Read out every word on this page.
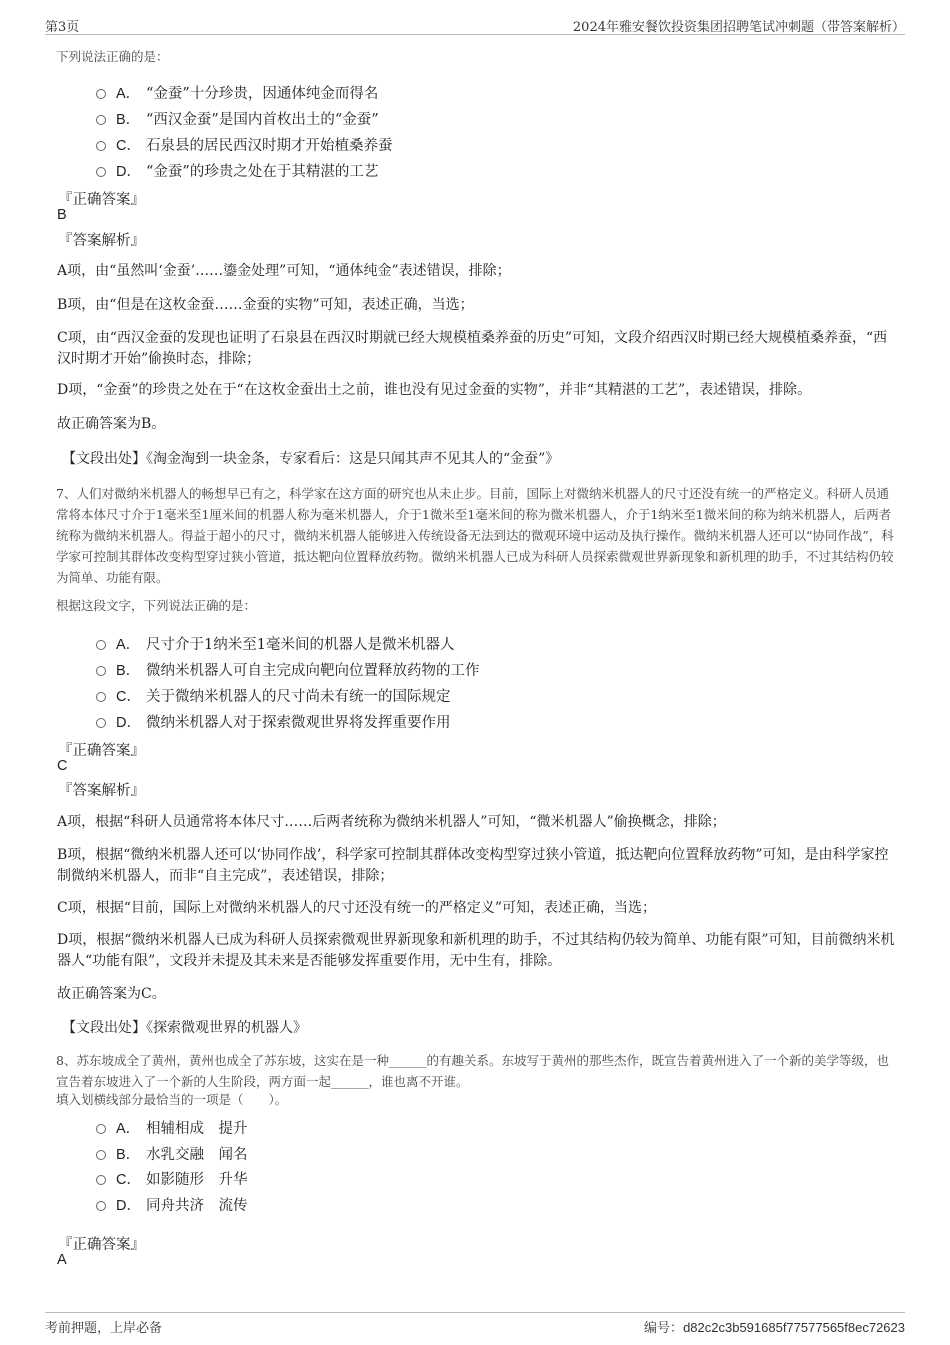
第3页	2024年雅安餐饮投资集团招聘笔试冲刺题（带答案解析）
下列说法正确的是：
A． “金蚕”十分珍贵，因通体纯金而得名
B． “西汉金蚕”是国内首枚出土的“金蚕”
C． 石泉县的居民西汉时期才开始植桑养蚕
D． “金蚕”的珍贵之处在于其精湛的工艺
『正确答案』
B
『答案解析』
A项，由“虽然叫‘金蚕’……鎏金处理”可知，“通体纯金”表述错误，排除；
B项，由“但是在这枚金蚕……金蚕的实物”可知，表述正确，当选；
C项，由“西汉金蚕的发现也证明了石泉县在西汉时期就已经大规模植桑养蚕的历史”可知，文段介绍西汉时期已经大规模植桑养蚕，“西汉时期才开始”偷换时态，排除；
D项，“金蚕”的珍贵之处在于“在这枚金蚕出土之前，谁也没有见过金蚕的实物”，并非“其精湛的工艺”，表述错误，排除。
故正确答案为B。
【文段出处】《淘金淘到一块金条，专家看后：这是只闻其声不见其人的“金蚕”》
7、人们对微纳米机器人的畅想早已有之，科学家在这方面的研究也从未止步。目前，国际上对微纳米机器人的尺寸还没有统一的严格定义。科研人员通常将本体尺寸介于1毫米至1厘米间的机器人称为毫米机器人，介于1微米至1毫米间的称为微米机器人，介于1纳米至1微米间的称为纳米机器人，后两者统称为微纳米机器人。得益于超小的尺寸，微纳米机器人能够进入传统设备无法到达的微观环境中运动及执行操作。微纳米机器人还可以“协同作战”，科学家可控制其群体改变构型穿过狭小管道，抵达靶向位置释放药物。微纳米机器人已成为科研人员探索微观世界新现象和新机理的助手，不过其结构仍较为简单、功能有限。
根据这段文字，下列说法正确的是：
A． 尺寸介于1纳米至1毫米间的机器人是微米机器人
B． 微纳米机器人可自主完成向靶向位置释放药物的工作
C． 关于微纳米机器人的尺寸尚未有统一的国际规定
D． 微纳米机器人对于探索微观世界将发挥重要作用
『正确答案』
C
『答案解析』
A项，根据“科研人员通常将本体尺寸……后两者统称为微纳米机器人”可知，“微米机器人”偷换概念，排除；
B项，根据“微纳米机器人还可以‘协同作战’，科学家可控制其群体改变构型穿过狭小管道，抵达靶向位置释放药物”可知，是由科学家控制微纳米机器人，而非“自主完成”，表述错误，排除；
C项，根据“目前，国际上对微纳米机器人的尺寸还没有统一的严格定义”可知，表述正确，当选；
D项，根据“微纳米机器人已成为科研人员探索微观世界新现象和新机理的助手，不过其结构仍较为简单、功能有限”可知，目前微纳米机器人“功能有限”，文段并未提及其未来是否能够发挥重要作用，无中生有，排除。
故正确答案为C。
【文段出处】《探索微观世界的机器人》
8、苏东坡成全了黄州，黄州也成全了苏东坡，这实在是一种______的有趣关系。东坡写于黄州的那些杰作，既宣告着黄州进入了一个新的美学等级，也宣告着东坡进入了一个新的人生阶段，两方面一起______，谁也离不开谁。
填入划横线部分最恰当的一项是（　　）。
A． 相辅相成　提升
B． 水乳交融　闻名
C． 如影随形　升华
D． 同舟共济　流传
『正确答案』
A
考前押题，上岸必备	编号：d82c2c3b591685f77577565f8ec72623
